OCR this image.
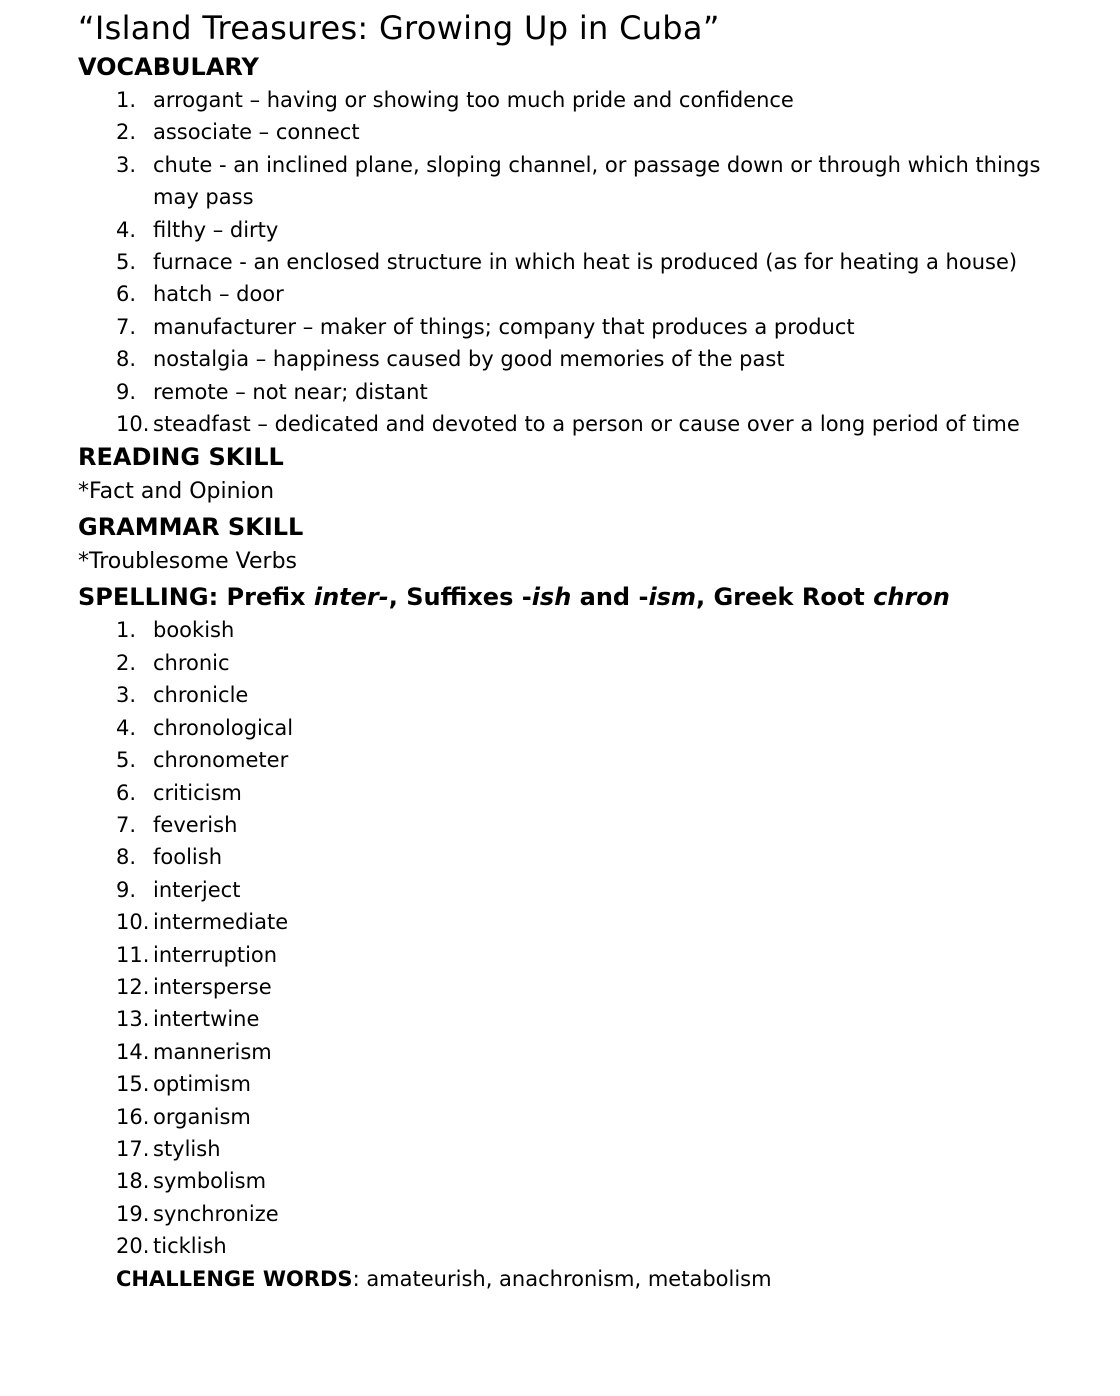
“Island Treasures: Growing Up in Cuba”
VOCABULARY
1. arrogant – having or showing too much pride and confidence
2. associate – connect
3. chute - an inclined plane, sloping channel, or passage down or through which things may pass
4. filthy – dirty
5. furnace - an enclosed structure in which heat is produced (as for heating a house)
6. hatch – door
7. manufacturer – maker of things; company that produces a product
8. nostalgia – happiness caused by good memories of the past
9. remote – not near; distant
10. steadfast – dedicated and devoted to a person or cause over a long period of time
READING SKILL

*Fact and Opinion

GRAMMAR SKILL

*Troublesome Verbs

SPELLING: Prefix inter-, Suffixes -ish and -ism, Greek Root chron
1. bookish
2. chronic
3. chronicle
4. chronological
5. chronometer
6. criticism
7. feverish
8. foolish
9. interject
10. intermediate
11. interruption
12. intersperse
13. intertwine
14. mannerism
15. optimism
16. organism
17. stylish
18. symbolism
19. synchronize
20. ticklish

CHALLENGE WORDS: amateurish, anachronism, metabolism
